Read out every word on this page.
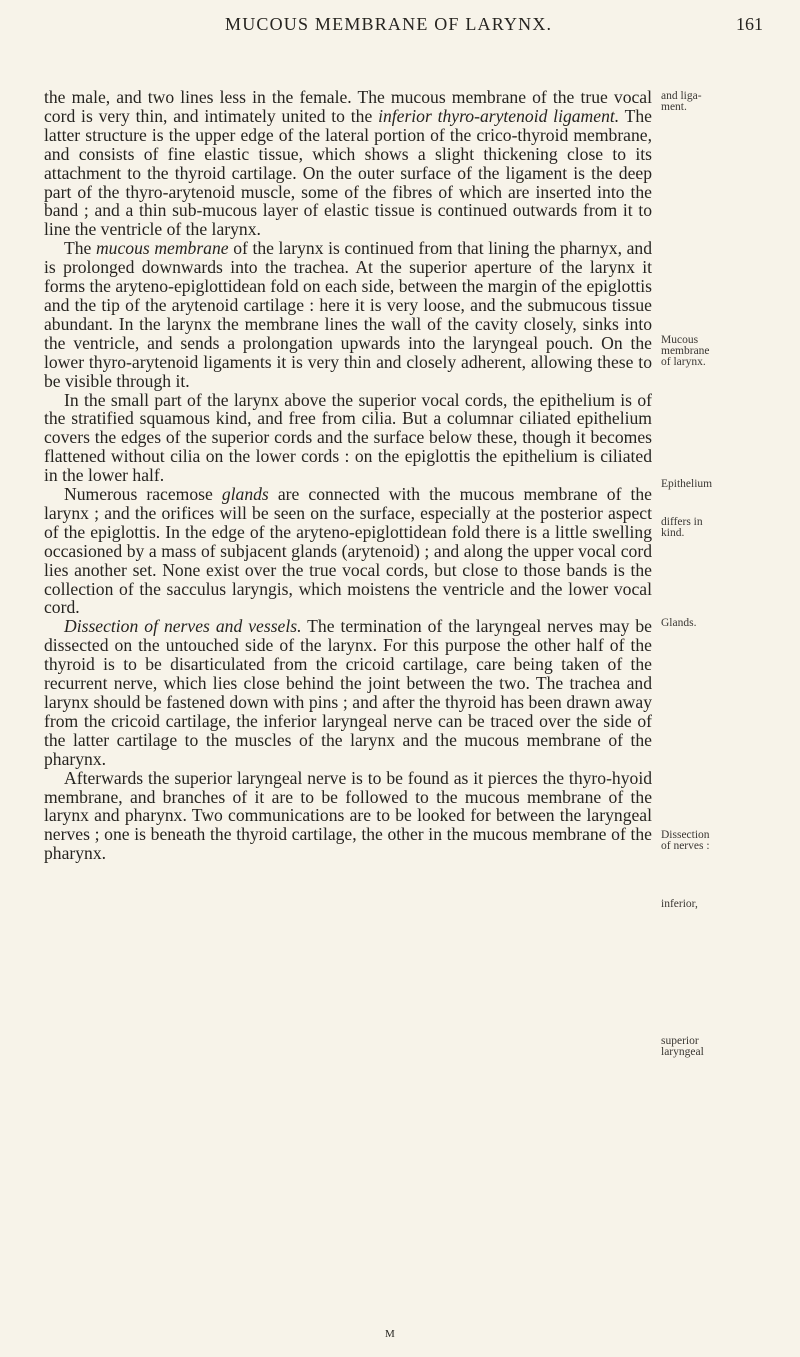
MUCOUS MEMBRANE OF LARYNX.	161

the male, and two lines less in the female. The mucous membrane of the true vocal cord is very thin, and intimately united to the inferior thyro-arytenoid ligament. The latter structure is the upper edge of the lateral portion of the crico-thyroid membrane, and consists of fine elastic tissue, which shows a slight thickening close to its attachment to the thyroid cartilage. On the outer surface of the ligament is the deep part of the thyro-arytenoid muscle, some of the fibres of which are inserted into the band ; and a thin sub-mucous layer of elastic tissue is continued outwards from it to line the ventricle of the larynx.

The mucous membrane of the larynx is continued from that lining the pharnyx, and is prolonged downwards into the trachea. At the superior aperture of the larynx it forms the aryteno-epiglottidean fold on each side, between the margin of the epiglottis and the tip of the arytenoid cartilage : here it is very loose, and the submucous tissue abundant. In the larynx the membrane lines the wall of the cavity closely, sinks into the ventricle, and sends a prolongation upwards into the laryngeal pouch. On the lower thyro-arytenoid ligaments it is very thin and closely adherent, allowing these to be visible through it.

In the small part of the larynx above the superior vocal cords, the epithelium is of the stratified squamous kind, and free from cilia. But a columnar ciliated epithelium covers the edges of the superior cords and the surface below these, though it becomes flattened without cilia on the lower cords : on the epiglottis the epithelium is ciliated in the lower half.

Numerous racemose glands are connected with the mucous membrane of the larynx ; and the orifices will be seen on the surface, especially at the posterior aspect of the epiglottis. In the edge of the aryteno-epiglottidean fold there is a little swelling occasioned by a mass of subjacent glands (arytenoid) ; and along the upper vocal cord lies another set. None exist over the true vocal cords, but close to those bands is the collection of the sacculus laryngis, which moistens the ventricle and the lower vocal cord.

Dissection of nerves and vessels. The termination of the laryngeal nerves may be dissected on the untouched side of the larynx. For this purpose the other half of the thyroid is to be disarticulated from the cricoid cartilage, care being taken of the recurrent nerve, which lies close behind the joint between the two. The trachea and larynx should be fastened down with pins ; and after the thyroid has been drawn away from the cricoid cartilage, the inferior laryngeal nerve can be traced over the side of the latter cartilage to the muscles of the larynx and the mucous membrane of the pharynx.

Afterwards the superior laryngeal nerve is to be found as it pierces the thyro-hyoid membrane, and branches of it are to be followed to the mucous membrane of the larynx and pharynx. Two communications are to be looked for between the laryngeal nerves ; one is beneath the thyroid cartilage, the other in the mucous membrane of the pharynx.

and liga-
ment.
Mucous
membrane
of larynx.
Epithelium
differs in
kind.
Glands.
Dissection
of nerves :
inferior,
superior
laryngeal
M
